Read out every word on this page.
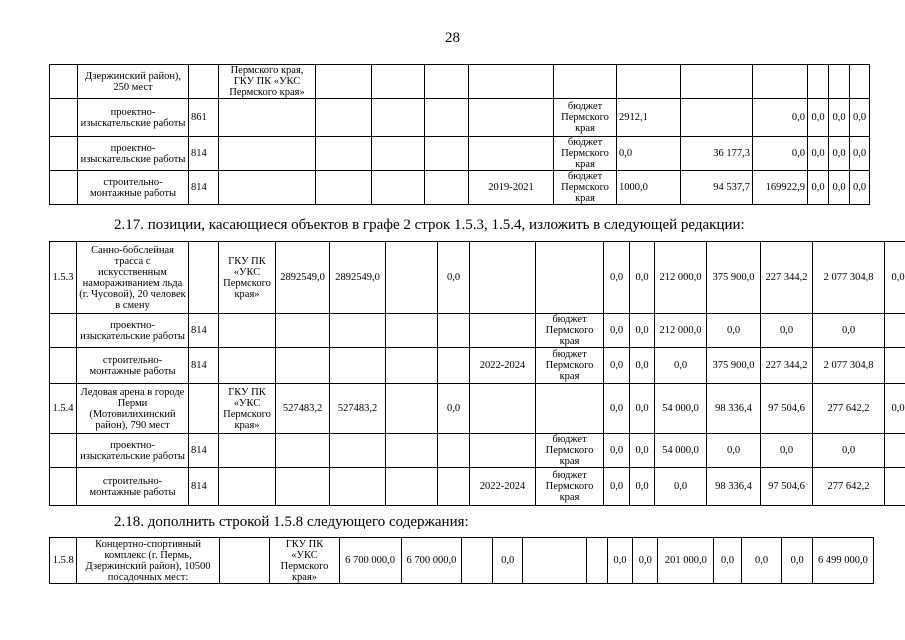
28
	Дзержинский район), 250 мест		Пермского края, ГКУ ПК «УКС Пермского края»											
	проектно-изыскательские работы	861						бюджет Пермского края	2912,1		0,0	0,0	0,0	0,0
	проектно-изыскательские работы	814						бюджет Пермского края	0,0	36 177,3	0,0	0,0	0,0	0,0
	строительно-монтажные работы	814					2019-2021	бюджет Пермского края	1000,0	94 537,7	169922,9	0,0	0,0	0,0
2.17. позиции, касающиеся объектов в графе 2 строк 1.5.3, 1.5.4, изложить в следующей редакции:
1.5.3	Санно-бобслейная трасса с искусственным намораживанием льда (г. Чусовой), 20 человек в смену		ГКУ ПК «УКС Пермского края»	2892549,0	2892549,0		0,0			0,0	0,0	212 000,0	375 900,0	227 344,2	2 077 304,8	0,0
	проектно-изыскательские работы	814							бюджет Пермского края	0,0	0,0	212 000,0	0,0	0,0	0,0	
	строительно-монтажные работы	814						2022-2024	бюджет Пермского края	0,0	0,0	0,0	375 900,0	227 344,2	2 077 304,8	
1.5.4	Ледовая арена в городе Перми (Мотовилихинский район), 790 мест		ГКУ ПК «УКС Пермского края»	527483,2	527483,2		0,0			0,0	0,0	54 000,0	98 336,4	97 504,6	277 642,2	0,0
	проектно-изыскательские работы	814							бюджет Пермского края	0,0	0,0	54 000,0	0,0	0,0	0,0	
	строительно-монтажные работы	814						2022-2024	бюджет Пермского края	0,0	0,0	0,0	98 336,4	97 504,6	277 642,2	
2.18. дополнить строкой 1.5.8 следующего содержания:
1.5.8	Концертно-спортивный комплекс (г. Пермь, Дзержинский район), 10500 посадочных мест:		ГКУ ПК «УКС Пермского края»	6 700 000,0	6 700 000,0		0,0			0,0	0,0	201 000,0	0,0	0,0	0,0	6 499 000,0
